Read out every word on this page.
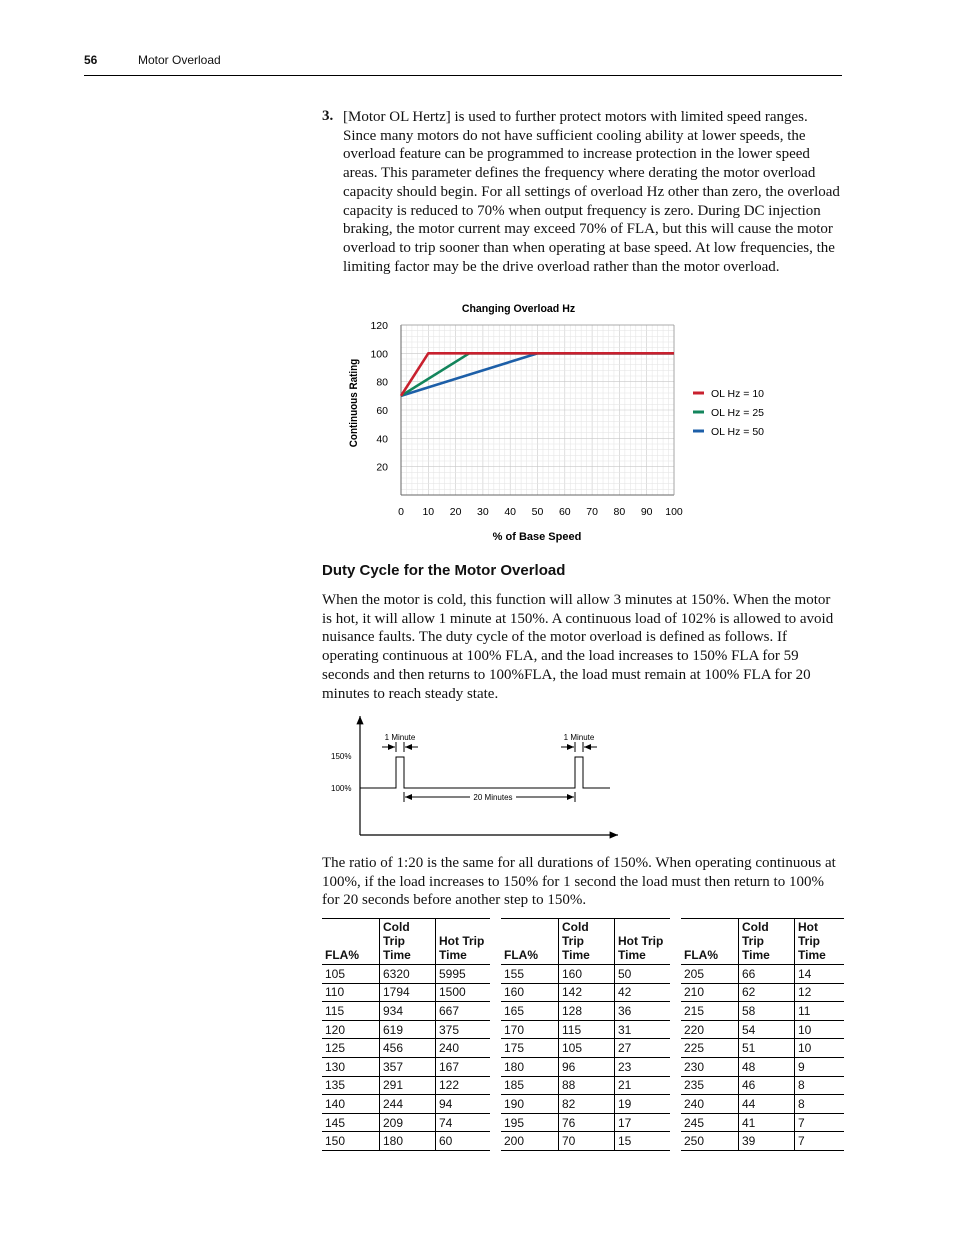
56	Motor Overload
3. [Motor OL Hertz] is used to further protect motors with limited speed ranges. Since many motors do not have sufficient cooling ability at lower speeds, the overload feature can be programmed to increase protection in the lower speed areas. This parameter defines the frequency where derating the motor overload capacity should begin. For all settings of overload Hz other than zero, the overload capacity is reduced to 70% when output frequency is zero. During DC injection braking, the motor current may exceed 70% of FLA, but this will cause the motor overload to trip sooner than when operating at base speed. At low frequencies, the limiting factor may be the drive overload rather than the motor overload.
Changing Overload Hz
20
40
60
80
100
120
0 10 20 30 40 50 60 70 80 90 100
OL Hz = 10
OL Hz = 25
OL Hz = 50
Continuous Rating
% of Base Speed
Duty Cycle for the Motor Overload
When the motor is cold, this function will allow 3 minutes at 150%. When the motor is hot, it will allow 1 minute at 150%. A continuous load of 102% is allowed to avoid nuisance faults. The duty cycle of the motor overload is defined as follows. If operating continuous at 100% FLA, and the load increases to 150% FLA for 59 seconds and then returns to 100%FLA, the load must remain at 100% FLA for 20 minutes to reach steady state.
150%
100%
1 Minute	1 Minute
20 Minutes
The ratio of 1:20 is the same for all durations of 150%. When operating continuous at 100%, if the load increases to 150% for 1 second the load must then return to 100% for 20 seconds before another step to 150%.
FLA%	Cold Trip Time	Hot Trip Time
105	6320	5995
110	1794	1500
115	934	667
120	619	375
125	456	240
130	357	167
135	291	122
140	244	94
145	209	74
150	180	60
FLA%	Cold Trip Time	Hot Trip Time
155	160	50
160	142	42
165	128	36
170	115	31
175	105	27
180	96	23
185	88	21
190	82	19
195	76	17
200	70	15
FLA%	Cold Trip Time	Hot Trip Time
205	66	14
210	62	12
215	58	11
220	54	10
225	51	10
230	48	9
235	46	8
240	44	8
245	41	7
250	39	7
